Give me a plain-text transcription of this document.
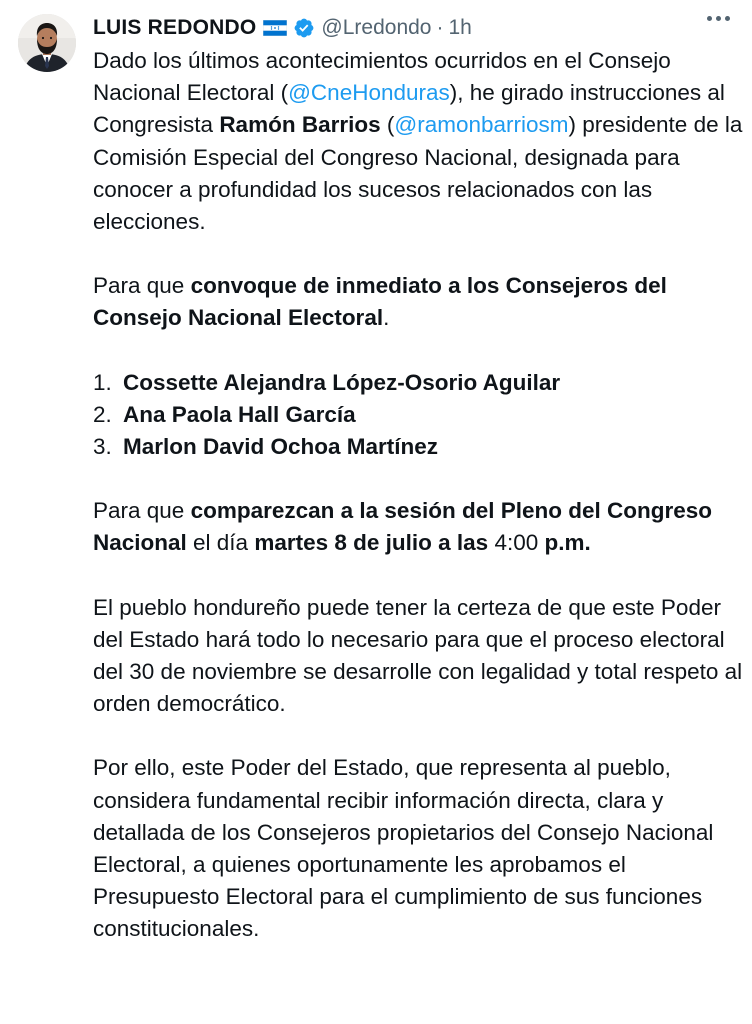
LUIS REDONDO	@Lredondo · 1h

Dado los últimos acontecimientos ocurridos en el Consejo Nacional Electoral (@CneHonduras), he girado instrucciones al Congresista Ramón Barrios (@ramonbarriosm) presidente de la Comisión Especial del Congreso Nacional, designada para conocer a profundidad los sucesos relacionados con las elecciones.

Para que convoque de inmediato a los Consejeros del Consejo Nacional Electoral.

1. Cossette Alejandra López-Osorio Aguilar
2. Ana Paola Hall García
3. Marlon David Ochoa Martínez

Para que comparezcan a la sesión del Pleno del Congreso Nacional el día martes 8 de julio a las 4:00 p.m.

El pueblo hondureño puede tener la certeza de que este Poder del Estado hará todo lo necesario para que el proceso electoral del 30 de noviembre se desarrolle con legalidad y total respeto al orden democrático.

Por ello, este Poder del Estado, que representa al pueblo, considera fundamental recibir información directa, clara y detallada de los Consejeros propietarios del Consejo Nacional Electoral, a quienes oportunamente les aprobamos el Presupuesto Electoral para el cumplimiento de sus funciones constitucionales.
